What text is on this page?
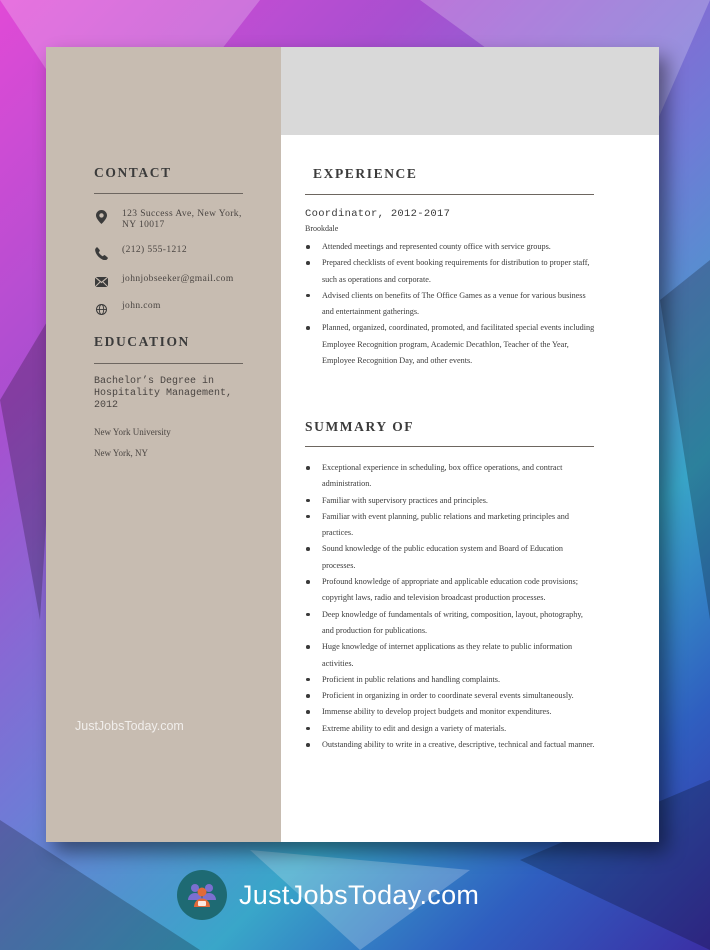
CONTACT
123 Success Ave, New York, NY 10017
(212) 555-1212
johnjobseeker@gmail.com
john.com
EDUCATION
Bachelor’s Degree in Hospitality Management, 2012
New York University
New York, NY
JustJobsToday.com
EXPERIENCE
Coordinator, 2012-2017
Brookdale
Attended meetings and represented county office with service groups.
Prepared checklists of event booking requirements for distribution to proper staff, such as operations and corporate.
Advised clients on benefits of The Office Games as a venue for various business and entertainment gatherings.
Planned, organized, coordinated, promoted, and facilitated special events including Employee Recognition program, Academic Decathlon, Teacher of the Year, Employee Recognition Day, and other events.
SUMMARY OF
Exceptional experience in scheduling, box office operations, and contract administration.
Familiar with supervisory practices and principles.
Familiar with event planning, public relations and marketing principles and practices.
Sound knowledge of the public education system and Board of Education processes.
Profound knowledge of appropriate and applicable education code provisions; copyright laws, radio and television broadcast production processes.
Deep knowledge of fundamentals of writing, composition, layout, photography, and production for publications.
Huge knowledge of internet applications as they relate to public information activities.
Proficient in public relations and handling complaints.
Proficient in organizing in order to coordinate several events simultaneously.
Immense ability to develop project budgets and monitor expenditures.
Extreme ability to edit and design a variety of materials.
Outstanding ability to write in a creative, descriptive, technical and factual manner.
JustJobsToday.com
